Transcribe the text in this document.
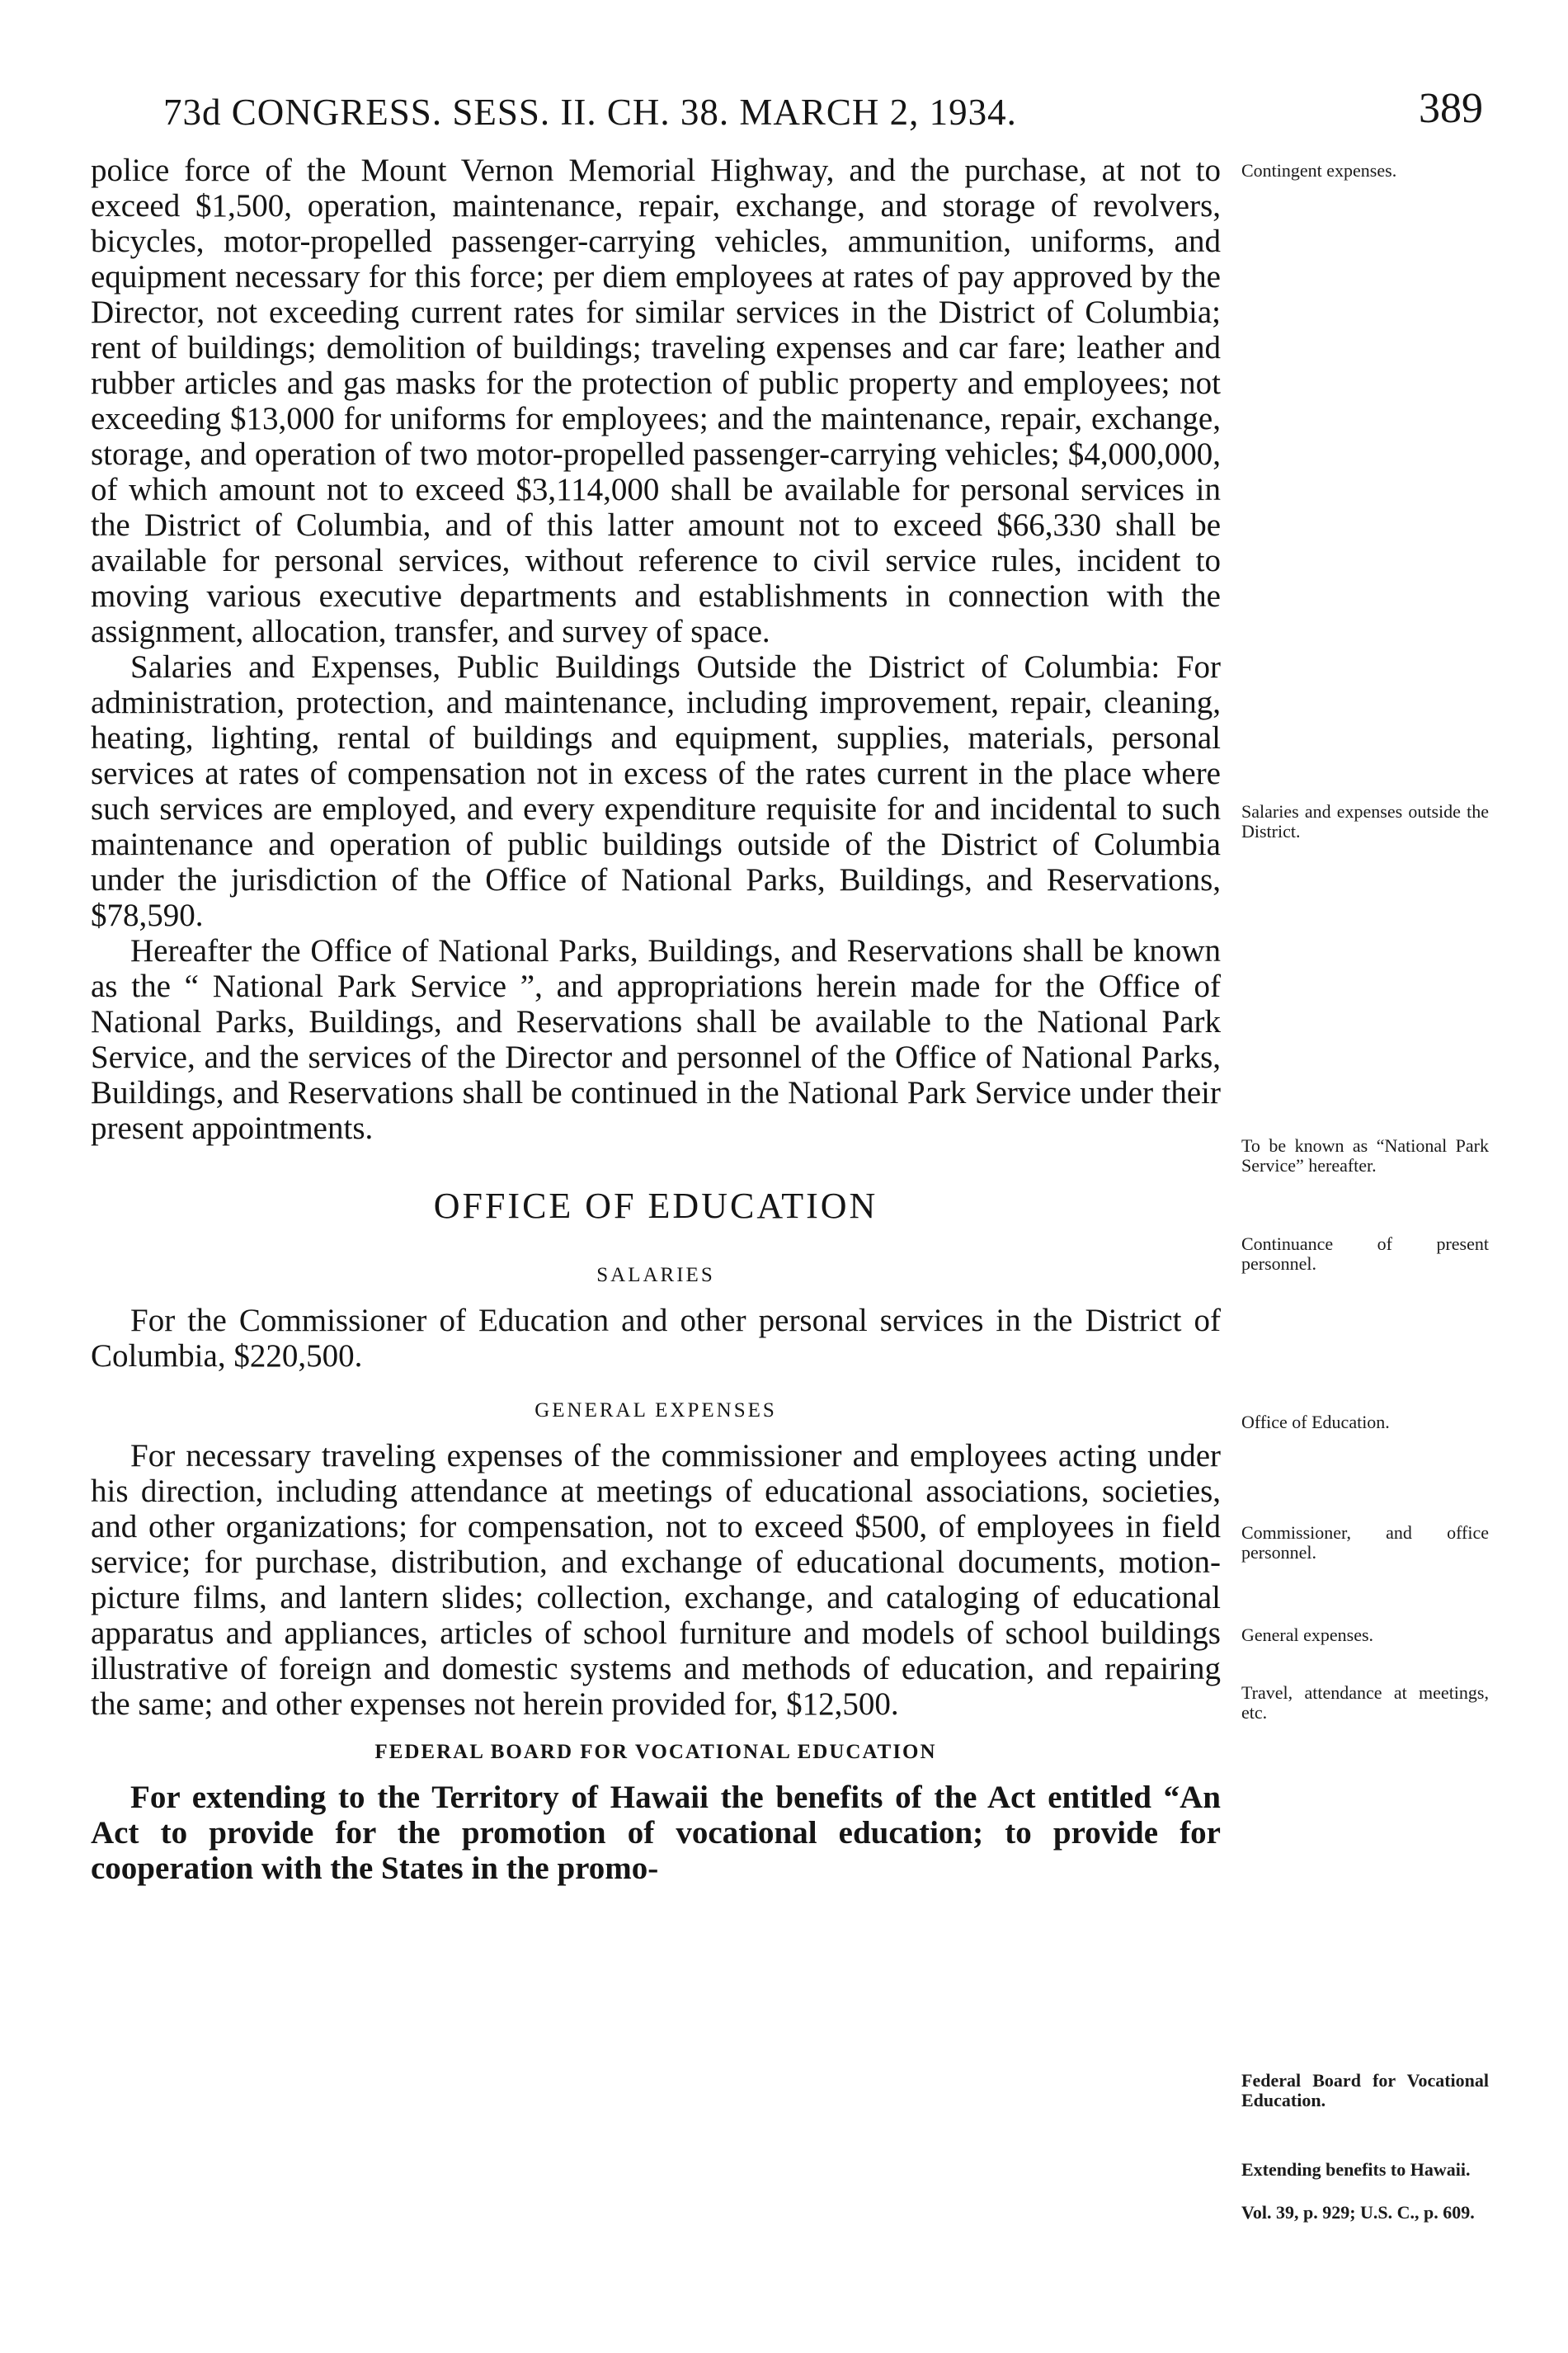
73d CONGRESS. SESS. II. CH. 38. MARCH 2, 1934.	389

police force of the Mount Vernon Memorial Highway, and the purchase, at not to exceed $1,500, operation, maintenance, repair, exchange, and storage of revolvers, bicycles, motor-propelled passenger-carrying vehicles, ammunition, uniforms, and equipment necessary for this force; per diem employees at rates of pay approved by the Director, not exceeding current rates for similar services in the District of Columbia; rent of buildings; demolition of buildings; traveling expenses and car fare; leather and rubber articles and gas masks for the protection of public property and employees; not exceeding $13,000 for uniforms for employees; and the maintenance, repair, exchange, storage, and operation of two motor-propelled passenger-carrying vehicles; $4,000,000, of which amount not to exceed $3,114,000 shall be available for personal services in the District of Columbia, and of this latter amount not to exceed $66,330 shall be available for personal services, without reference to civil service rules, incident to moving various executive departments and establishments in connection with the assignment, allocation, transfer, and survey of space.

Salaries and Expenses, Public Buildings Outside the District of Columbia: For administration, protection, and maintenance, including improvement, repair, cleaning, heating, lighting, rental of buildings and equipment, supplies, materials, personal services at rates of compensation not in excess of the rates current in the place where such services are employed, and every expenditure requisite for and incidental to such maintenance and operation of public buildings outside of the District of Columbia under the jurisdiction of the Office of National Parks, Buildings, and Reservations, $78,590.

Hereafter the Office of National Parks, Buildings, and Reservations shall be known as the “ National Park Service ”, and appropriations herein made for the Office of National Parks, Buildings, and Reservations shall be available to the National Park Service, and the services of the Director and personnel of the Office of National Parks, Buildings, and Reservations shall be continued in the National Park Service under their present appointments.

OFFICE OF EDUCATION
SALARIES

For the Commissioner of Education and other personal services in the District of Columbia, $220,500.

GENERAL EXPENSES

For necessary traveling expenses of the commissioner and employees acting under his direction, including attendance at meetings of educational associations, societies, and other organizations; for compensation, not to exceed $500, of employees in field service; for purchase, distribution, and exchange of educational documents, motion-picture films, and lantern slides; collection, exchange, and cataloging of educational apparatus and appliances, articles of school furniture and models of school buildings illustrative of foreign and domestic systems and methods of education, and repairing the same; and other expenses not herein provided for, $12,500.

FEDERAL BOARD FOR VOCATIONAL EDUCATION

For extending to the Territory of Hawaii the benefits of the Act entitled “An Act to provide for the promotion of vocational education; to provide for cooperation with the States in the promo-

Contingent expenses.
Salaries and expenses outside the District.
To be known as “National Park Service” hereafter.
Continuance of present personnel.
Office of Education.
Commissioner, and office personnel.
General expenses.
Travel, attendance at meetings, etc.
Federal Board for Vocational Education.
Extending benefits to Hawaii.
Vol. 39, p. 929; U.S. C., p. 609.
